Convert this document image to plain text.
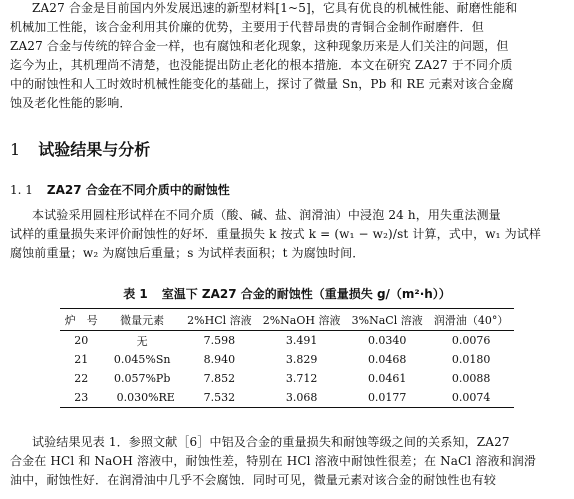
ZA27 合金是目前国内外发展迅速的新型材料[1~5]，它具有优良的机械性能、耐磨性能和
机械加工性能，该合金利用其价廉的优势，主要用于代替昂贵的青铜合金制作耐磨件．但
ZA27 合金与传统的锌合金一样，也有腐蚀和老化现象，这种现象历来是人们关注的问题，但
迄今为止，其机理尚不清楚，也没能提出防止老化的根本措施．本文在研究 ZA27 于不同介质
中的耐蚀性和人工时效时机械性能变化的基础上，探讨了微量 Sn，Pb 和 RE 元素对该合金腐
蚀及老化性能的影响．
1 试验结果与分析
1. 1 ZA27 合金在不同介质中的耐蚀性
本试验采用圆柱形试样在不同介质（酸、碱、盐、润滑油）中浸泡 24 h，用失重法测量
试样的重量损失来评价耐蚀性的好坏．重量损失 k 按式 k = (w₁ − w₂)/st 计算，式中，w₁ 为试样
腐蚀前重量；w₂ 为腐蚀后重量；s 为试样表面积；t 为腐蚀时间．
表 1 室温下 ZA27 合金的耐蚀性（重量损失 g/（m²·h））
炉　号	微量元素	2%HCl 溶液	2%NaOH 溶液	3%NaCl 溶液	润滑油（40°）
20	无	7.598	3.491	0.0340	0.0076
21	0.045%Sn	8.940	3.829	0.0468	0.0180
22	0.057%Pb	7.852	3.712	0.0461	0.0088
23	0.030%RE	7.532	3.068	0.0177	0.0074
试验结果见表 1．参照文献［6］中铝及合金的重量损失和耐蚀等级之间的关系知，ZA27
合金在 HCl 和 NaOH 溶液中，耐蚀性差，特别在 HCl 溶液中耐蚀性很差；在 NaCl 溶液和润滑
油中，耐蚀性好．在润滑油中几乎不会腐蚀．同时可见，微量元素对该合金的耐蚀性也有较
